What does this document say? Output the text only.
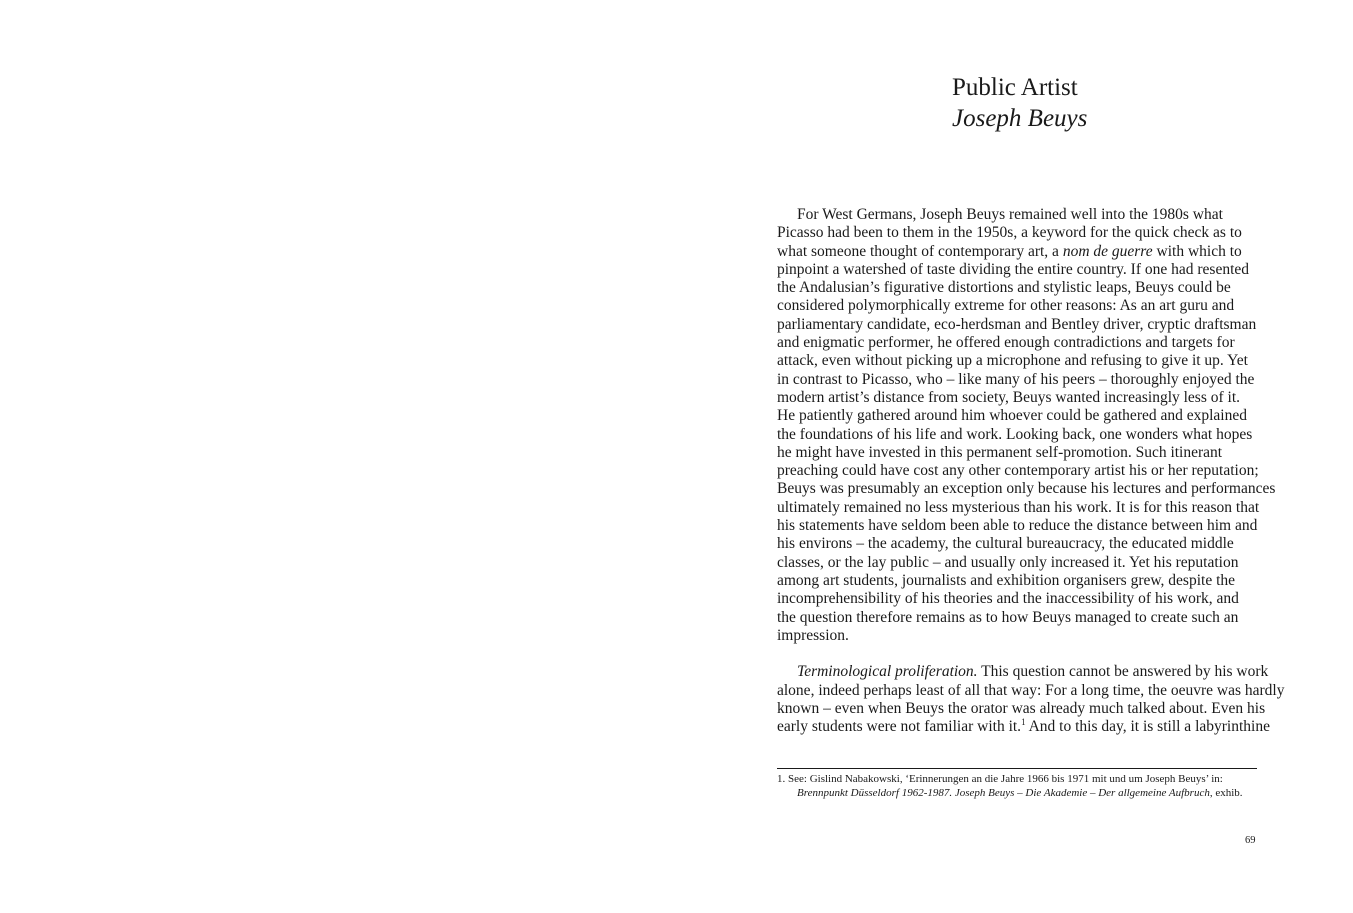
Public Artist
Joseph Beuys
For West Germans, Joseph Beuys remained well into the 1980s what
Picasso had been to them in the 1950s, a keyword for the quick check as to
what someone thought of contemporary art, a nom de guerre with which to
pinpoint a watershed of taste dividing the entire country. If one had resented
the Andalusian’s figurative distortions and stylistic leaps, Beuys could be
considered polymorphically extreme for other reasons: As an art guru and
parliamentary candidate, eco-herdsman and Bentley driver, cryptic draftsman
and enigmatic performer, he offered enough contradictions and targets for
attack, even without picking up a microphone and refusing to give it up. Yet
in contrast to Picasso, who – like many of his peers – thoroughly enjoyed the
modern artist’s distance from society, Beuys wanted increasingly less of it.
He patiently gathered around him whoever could be gathered and explained
the foundations of his life and work. Looking back, one wonders what hopes
he might have invested in this permanent self-promotion. Such itinerant
preaching could have cost any other contemporary artist his or her reputation;
Beuys was presumably an exception only because his lectures and performances
ultimately remained no less mysterious than his work. It is for this reason that
his statements have seldom been able to reduce the distance between him and
his environs – the academy, the cultural bureaucracy, the educated middle
classes, or the lay public – and usually only increased it. Yet his reputation
among art students, journalists and exhibition organisers grew, despite the
incomprehensibility of his theories and the inaccessibility of his work, and
the question therefore remains as to how Beuys managed to create such an
impression.
Terminological proliferation. This question cannot be answered by his work
alone, indeed perhaps least of all that way: For a long time, the oeuvre was hardly
known – even when Beuys the orator was already much talked about. Even his
early students were not familiar with it.$^1$ And to this day, it is still a labyrinthine
1. See: Gislind Nabakowski, ‘Erinnerungen an die Jahre 1966 bis 1971 mit und um Joseph Beuys’ in:
Brennpunkt Düsseldorf 1962-1987. Joseph Beuys – Die Akademie – Der allgemeine Aufbruch, exhib.
69
